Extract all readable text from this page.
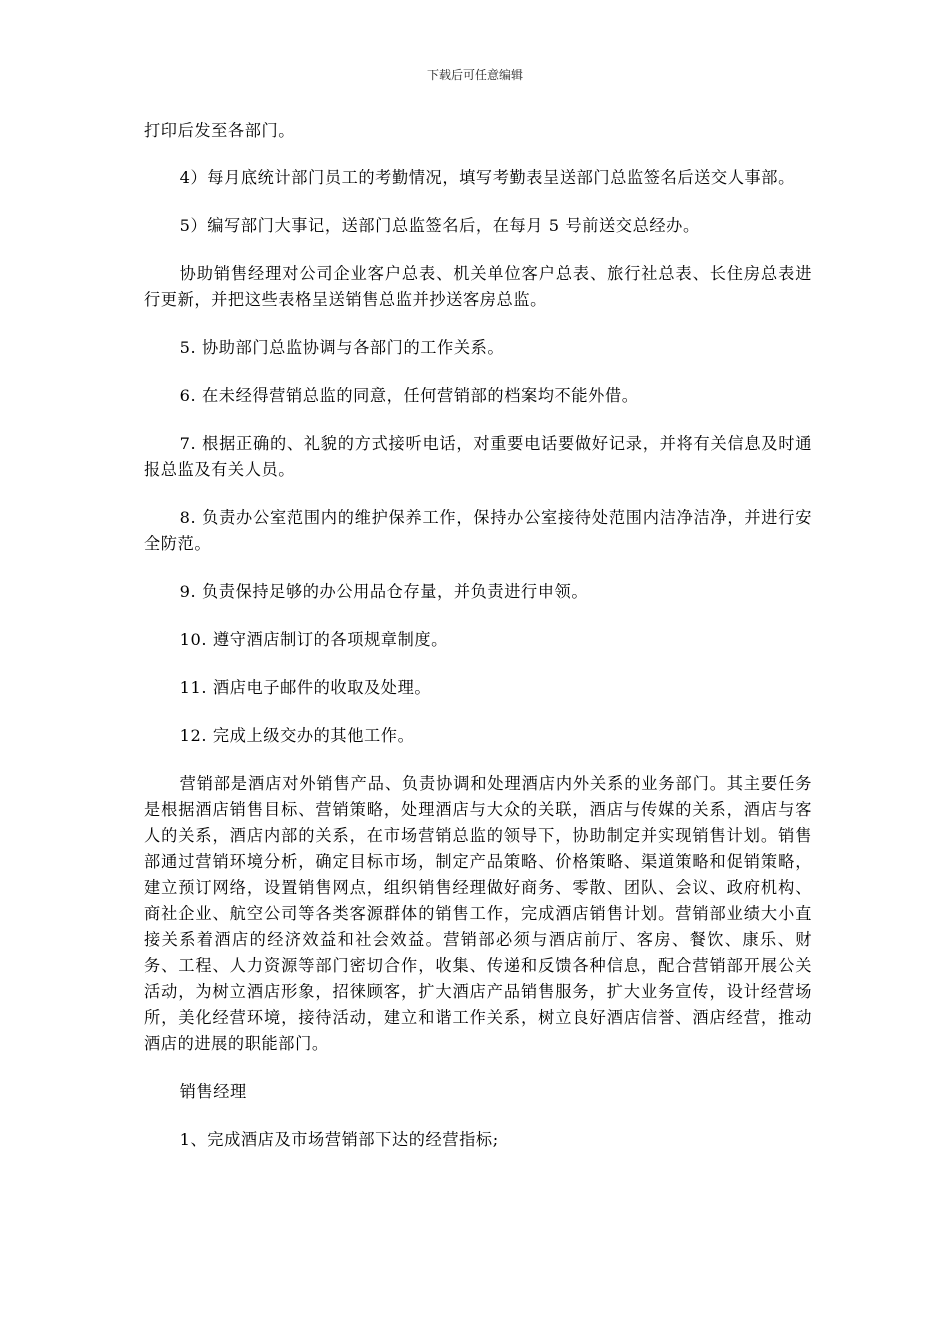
下载后可任意编辑

打印后发至各部门。

4）每月底统计部门员工的考勤情况，填写考勤表呈送部门总监签名后送交人事部。

5）编写部门大事记，送部门总监签名后，在每月 5 号前送交总经办。

协助销售经理对公司企业客户总表、机关单位客户总表、旅行社总表、长住房总表进行更新，并把这些表格呈送销售总监并抄送客房总监。

5. 协助部门总监协调与各部门的工作关系。

6. 在未经得营销总监的同意，任何营销部的档案均不能外借。

7. 根据正确的、礼貌的方式接听电话，对重要电话要做好记录，并将有关信息及时通报总监及有关人员。

8. 负责办公室范围内的维护保养工作，保持办公室接待处范围内洁净洁净，并进行安全防范。

9. 负责保持足够的办公用品仓存量，并负责进行申领。

10. 遵守酒店制订的各项规章制度。

11. 酒店电子邮件的收取及处理。

12. 完成上级交办的其他工作。

营销部是酒店对外销售产品、负责协调和处理酒店内外关系的业务部门。其主要任务是根据酒店销售目标、营销策略，处理酒店与大众的关联，酒店与传媒的关系，酒店与客人的关系，酒店内部的关系，在市场营销总监的领导下，协助制定并实现销售计划。销售部通过营销环境分析，确定目标市场，制定产品策略、价格策略、渠道策略和促销策略，建立预订网络，设置销售网点，组织销售经理做好商务、零散、团队、会议、政府机构、商社企业、航空公司等各类客源群体的销售工作，完成酒店销售计划。营销部业绩大小直接关系着酒店的经济效益和社会效益。营销部必须与酒店前厅、客房、餐饮、康乐、财务、工程、人力资源等部门密切合作，收集、传递和反馈各种信息，配合营销部开展公关活动，为树立酒店形象，招徕顾客，扩大酒店产品销售服务，扩大业务宣传，设计经营场所，美化经营环境，接待活动，建立和谐工作关系，树立良好酒店信誉、酒店经营，推动酒店的进展的职能部门。

销售经理

1、完成酒店及市场营销部下达的经营指标;
